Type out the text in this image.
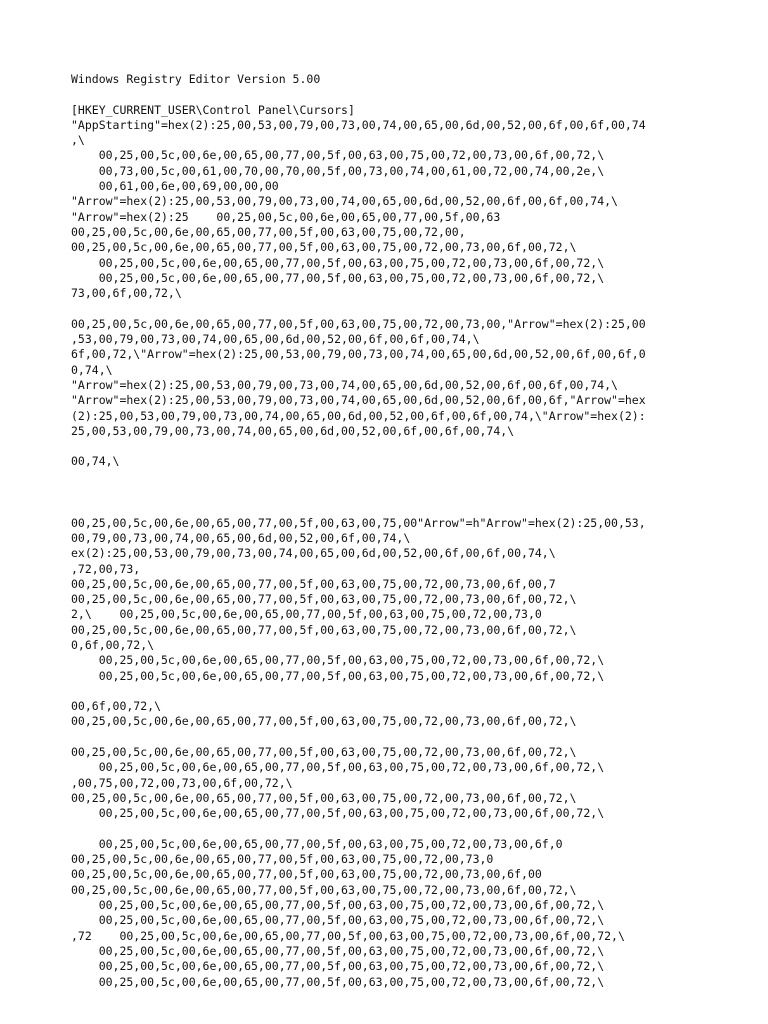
Windows Registry Editor Version 5.00
[HKEY_CURRENT_USER\Control Panel\Cursors]
"AppStarting"=hex(2):25,00,53,00,79,00,73,00,74,00,65,00,6d,00,52,00,6f,00,6f,00,74
,\
00,25,00,5c,00,6e,00,65,00,77,00,5f,00,63,00,75,00,72,00,73,00,6f,00,72,\
00,73,00,5c,00,61,00,70,00,70,00,5f,00,73,00,74,00,61,00,72,00,74,00,2e,\
00,61,00,6e,00,69,00,00,00
"Arrow"=hex(2):25,00,53,00,79,00,73,00,74,00,65,00,6d,00,52,00,6f,00,6f,00,74,\
"Arrow"=hex(2):25    00,25,00,5c,00,6e,00,65,00,77,00,5f,00,63
00,25,00,5c,00,6e,00,65,00,77,00,5f,00,63,00,75,00,72,00,
00,25,00,5c,00,6e,00,65,00,77,00,5f,00,63,00,75,00,72,00,73,00,6f,00,72,\
00,25,00,5c,00,6e,00,65,00,77,00,5f,00,63,00,75,00,72,00,73,00,6f,00,72,\
00,25,00,5c,00,6e,00,65,00,77,00,5f,00,63,00,75,00,72,00,73,00,6f,00,72,\
73,00,6f,00,72,\
00,25,00,5c,00,6e,00,65,00,77,00,5f,00,63,00,75,00,72,00,73,00,"Arrow"=hex(2):25,00
,53,00,79,00,73,00,74,00,65,00,6d,00,52,00,6f,00,6f,00,74,\
6f,00,72,\"Arrow"=hex(2):25,00,53,00,79,00,73,00,74,00,65,00,6d,00,52,00,6f,00,6f,0
0,74,\
"Arrow"=hex(2):25,00,53,00,79,00,73,00,74,00,65,00,6d,00,52,00,6f,00,6f,00,74,\
"Arrow"=hex(2):25,00,53,00,79,00,73,00,74,00,65,00,6d,00,52,00,6f,00,6f,"Arrow"=hex
(2):25,00,53,00,79,00,73,00,74,00,65,00,6d,00,52,00,6f,00,6f,00,74,\"Arrow"=hex(2):
25,00,53,00,79,00,73,00,74,00,65,00,6d,00,52,00,6f,00,6f,00,74,\
00,74,\
00,25,00,5c,00,6e,00,65,00,77,00,5f,00,63,00,75,00"Arrow"=h"Arrow"=hex(2):25,00,53,
00,79,00,73,00,74,00,65,00,6d,00,52,00,6f,00,74,\
ex(2):25,00,53,00,79,00,73,00,74,00,65,00,6d,00,52,00,6f,00,6f,00,74,\
,72,00,73,
00,25,00,5c,00,6e,00,65,00,77,00,5f,00,63,00,75,00,72,00,73,00,6f,00,7
00,25,00,5c,00,6e,00,65,00,77,00,5f,00,63,00,75,00,72,00,73,00,6f,00,72,\
2,\    00,25,00,5c,00,6e,00,65,00,77,00,5f,00,63,00,75,00,72,00,73,0
00,25,00,5c,00,6e,00,65,00,77,00,5f,00,63,00,75,00,72,00,73,00,6f,00,72,\
0,6f,00,72,\
00,25,00,5c,00,6e,00,65,00,77,00,5f,00,63,00,75,00,72,00,73,00,6f,00,72,\
00,25,00,5c,00,6e,00,65,00,77,00,5f,00,63,00,75,00,72,00,73,00,6f,00,72,\
00,6f,00,72,\
00,25,00,5c,00,6e,00,65,00,77,00,5f,00,63,00,75,00,72,00,73,00,6f,00,72,\
00,25,00,5c,00,6e,00,65,00,77,00,5f,00,63,00,75,00,72,00,73,00,6f,00,72,\
00,25,00,5c,00,6e,00,65,00,77,00,5f,00,63,00,75,00,72,00,73,00,6f,00,72,\
,00,75,00,72,00,73,00,6f,00,72,\
00,25,00,5c,00,6e,00,65,00,77,00,5f,00,63,00,75,00,72,00,73,00,6f,00,72,\
00,25,00,5c,00,6e,00,65,00,77,00,5f,00,63,00,75,00,72,00,73,00,6f,00,72,\
00,25,00,5c,00,6e,00,65,00,77,00,5f,00,63,00,75,00,72,00,73,00,6f,0
00,25,00,5c,00,6e,00,65,00,77,00,5f,00,63,00,75,00,72,00,73,0
00,25,00,5c,00,6e,00,65,00,77,00,5f,00,63,00,75,00,72,00,73,00,6f,00
00,25,00,5c,00,6e,00,65,00,77,00,5f,00,63,00,75,00,72,00,73,00,6f,00,72,\
00,25,00,5c,00,6e,00,65,00,77,00,5f,00,63,00,75,00,72,00,73,00,6f,00,72,\
00,25,00,5c,00,6e,00,65,00,77,00,5f,00,63,00,75,00,72,00,73,00,6f,00,72,\
,72    00,25,00,5c,00,6e,00,65,00,77,00,5f,00,63,00,75,00,72,00,73,00,6f,00,72,\
00,25,00,5c,00,6e,00,65,00,77,00,5f,00,63,00,75,00,72,00,73,00,6f,00,72,\
00,25,00,5c,00,6e,00,65,00,77,00,5f,00,63,00,75,00,72,00,73,00,6f,00,72,\
00,25,00,5c,00,6e,00,65,00,77,00,5f,00,63,00,75,00,72,00,73,00,6f,00,72,\
